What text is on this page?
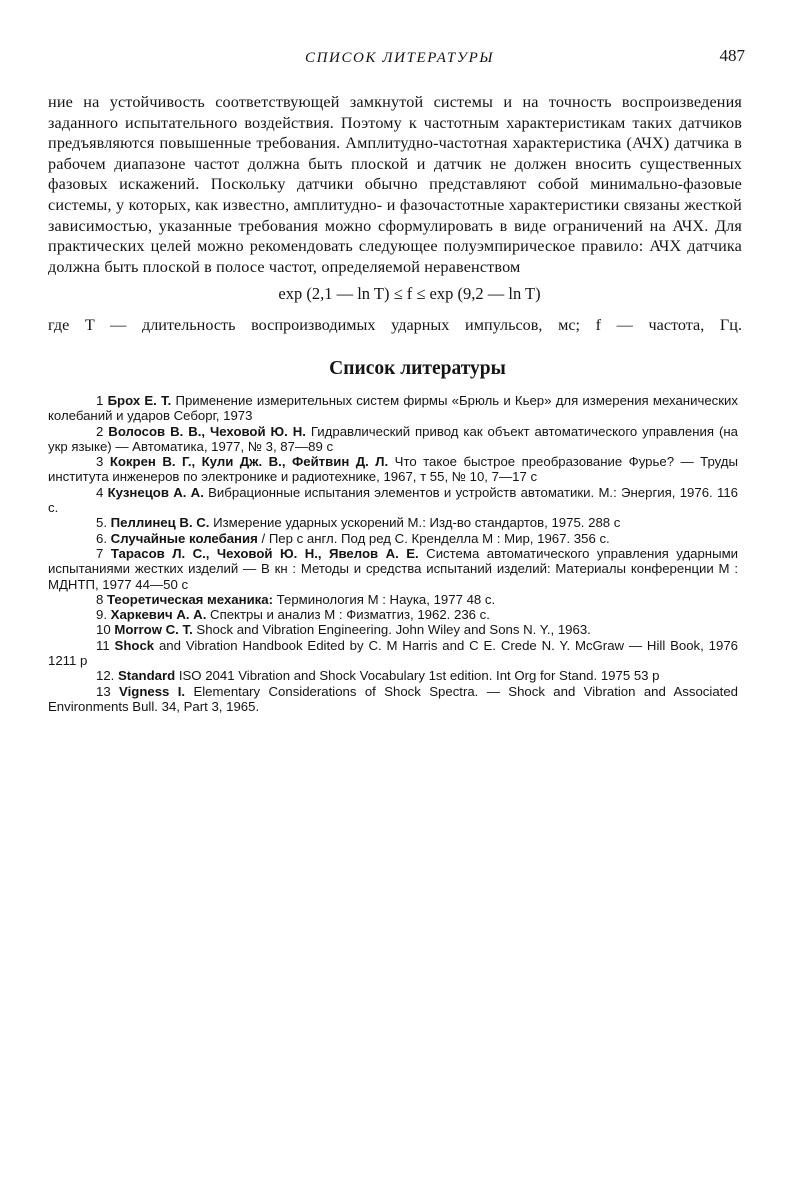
СПИСОК ЛИТЕРАТУРЫ	487

ние на устойчивость соответствующей замкнутой системы и на точность воспроизведения заданного испытательного воздействия. Поэтому к частотным характеристикам таких датчиков предъявляются повышенные требования. Амплитудно-частотная характеристика (АЧХ) датчика в рабочем диапазоне частот должна быть плоской и датчик не должен вносить существенных фазовых искажений. Поскольку датчики обычно представляют собой минимально-фазовые системы, у которых, как известно, амплитудно- и фазочастотные характеристики связаны жесткой зависимостью, указанные требования можно сформулировать в виде ограничений на АЧХ. Для практических целей можно рекомендовать следующее полуэмпирическое правило: АЧХ датчика должна быть плоской в полосе частот, определяемой неравенством

exp (2,1 — ln T) ≤ f ≤ exp (9,2 — ln T)

где T — длительность воспроизводимых ударных импульсов, мс; f — частота, Гц.

Список литературы
1 Брох Е. Т. Применение измерительных систем фирмы «Брюль и Кьер» для измерения механических колебаний и ударов Себорг, 1973
2 Волосов В. В., Чеховой Ю. Н. Гидравлический привод как объект автоматического управления (на укр языке) — Автоматика, 1977, № 3, 87—89 с
3 Кокрен В. Г., Кули Дж. В., Фейтвин Д. Л. Что такое быстрое преобразование Фурье? — Труды института инженеров по электронике и радиотехнике, 1967, т 55, № 10, 7—17 с
4 Кузнецов А. А. Вибрационные испытания элементов и устройств автоматики. М.: Энергия, 1976. 116 с.
5. Пеллинец В. С. Измерение ударных ускорений М.: Изд-во стандартов, 1975. 288 с
6. Случайные колебания / Пер с англ. Под ред С. Кренделла М : Мир, 1967. 356 с.
7 Тарасов Л. С., Чеховой Ю. Н., Явелов А. Е. Система автоматического управления ударными испытаниями жестких изделий — В кн : Методы и средства испытаний изделий: Материалы конференции М : МДНТП, 1977 44—50 с
8 Теоретическая механика: Терминология М : Наука, 1977 48 с.
9. Харкевич А. А. Спектры и анализ М : Физматгиз, 1962. 236 с.
10 Morrow C. T. Shock and Vibration Engineering. John Wiley and Sons N. Y., 1963.
11 Shock and Vibration Handbook Edited by C. M Harris and C E. Crede N. Y. McGraw — Hill Book, 1976 1211 p
12. Standard ISO 2041 Vibration and Shock Vocabulary 1st edition. Int Org for Stand. 1975 53 p
13 Vigness I. Elementary Considerations of Shock Spectra. — Shock and Vibration and Associated Environments Bull. 34, Part 3, 1965.
